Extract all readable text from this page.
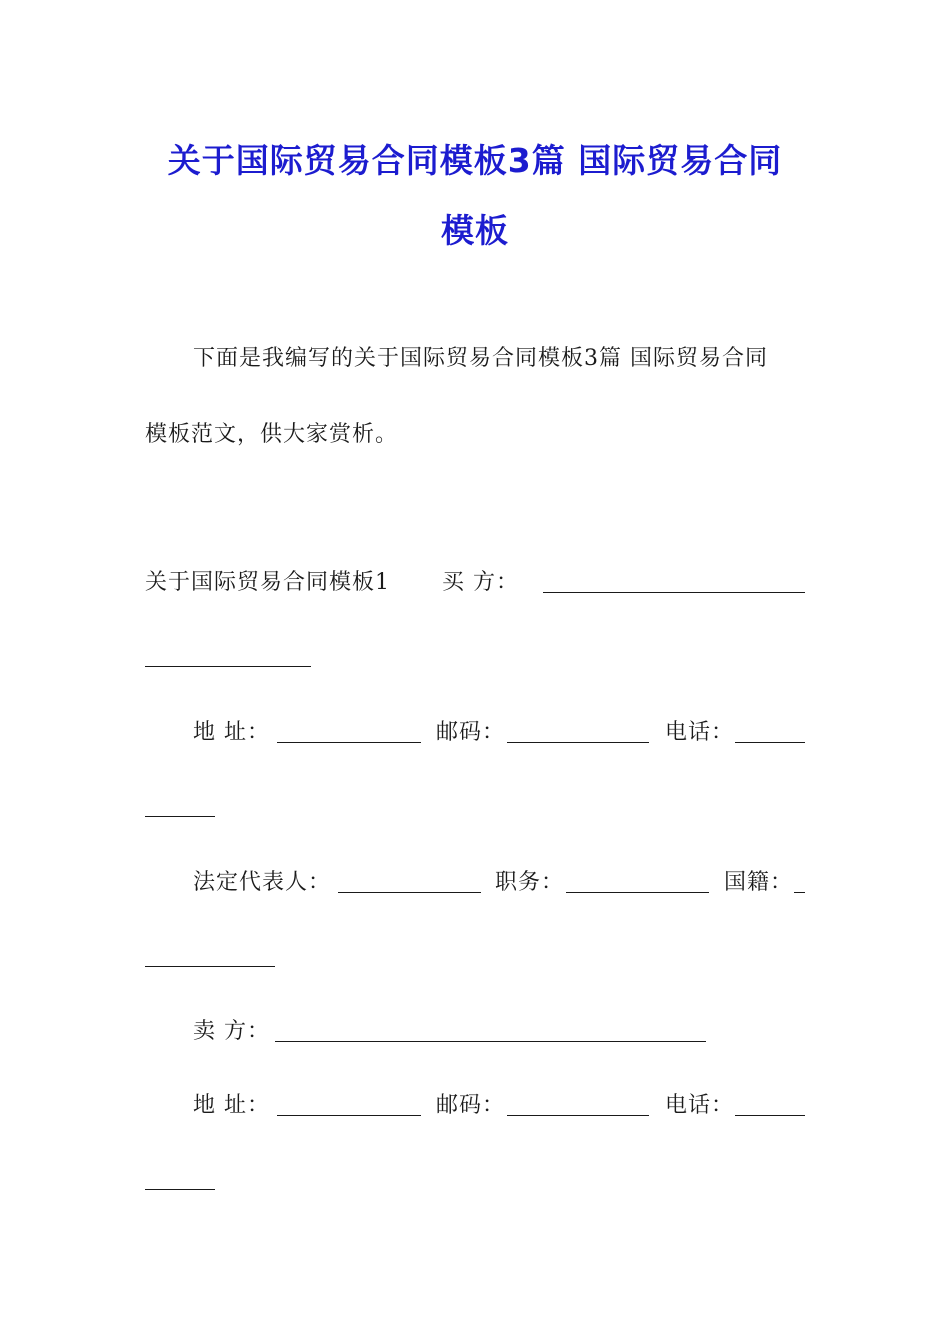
关于国际贸易合同模板3篇 国际贸易合同
模板
下面是我编写的关于国际贸易合同模板3篇 国际贸易合同
模板范文，供大家赏析。
关于国际贸易合同模板1 买 方：
地 址：	邮码：	电话：
法定代表人：	职务：	国籍：
卖 方：
地 址：	邮码：	电话：
